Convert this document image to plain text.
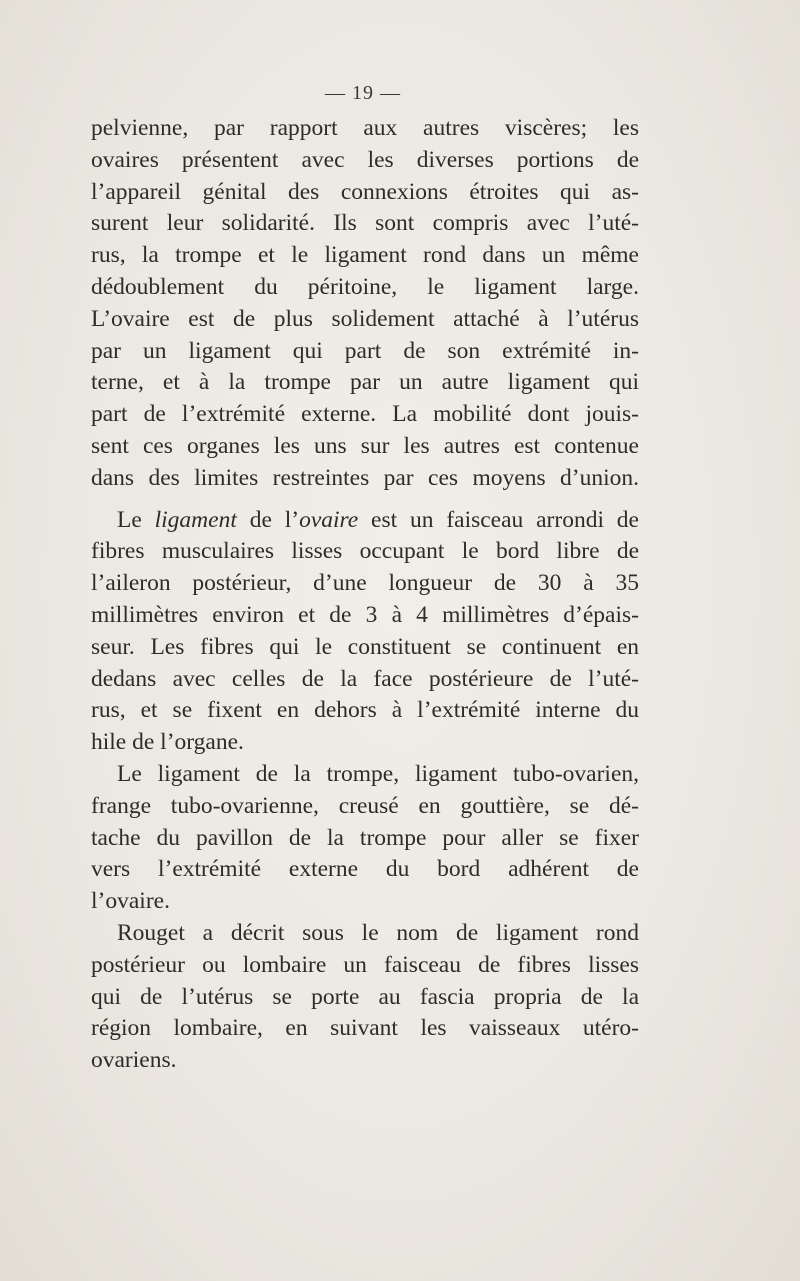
— 19 —
pelvienne, par rapport aux autres viscères; les
ovaires présentent avec les diverses portions de
l’appareil génital des connexions étroites qui as-
surent leur solidarité. Ils sont compris avec l’uté-
rus, la trompe et le ligament rond dans un même
dédoublement du péritoine, le ligament large.
L’ovaire est de plus solidement attaché à l’utérus
par un ligament qui part de son extrémité in-
terne, et à la trompe par un autre ligament qui
part de l’extrémité externe. La mobilité dont jouis-
sent ces organes les uns sur les autres est contenue
dans des limites restreintes par ces moyens d’union.
Le ligament de l’ovaire est un faisceau arrondi de
fibres musculaires lisses occupant le bord libre de
l’aileron postérieur, d’une longueur de 30 à 35
millimètres environ et de 3 à 4 millimètres d’épais-
seur. Les fibres qui le constituent se continuent en
dedans avec celles de la face postérieure de l’uté-
rus, et se fixent en dehors à l’extrémité interne du
hile de l’organe.
Le ligament de la trompe, ligament tubo-ovarien,
frange tubo-ovarienne, creusé en gouttière, se dé-
tache du pavillon de la trompe pour aller se fixer
vers l’extrémité externe du bord adhérent de
l’ovaire.
Rouget a décrit sous le nom de ligament rond
postérieur ou lombaire un faisceau de fibres lisses
qui de l’utérus se porte au fascia propria de la
région lombaire, en suivant les vaisseaux utéro-
ovariens.
